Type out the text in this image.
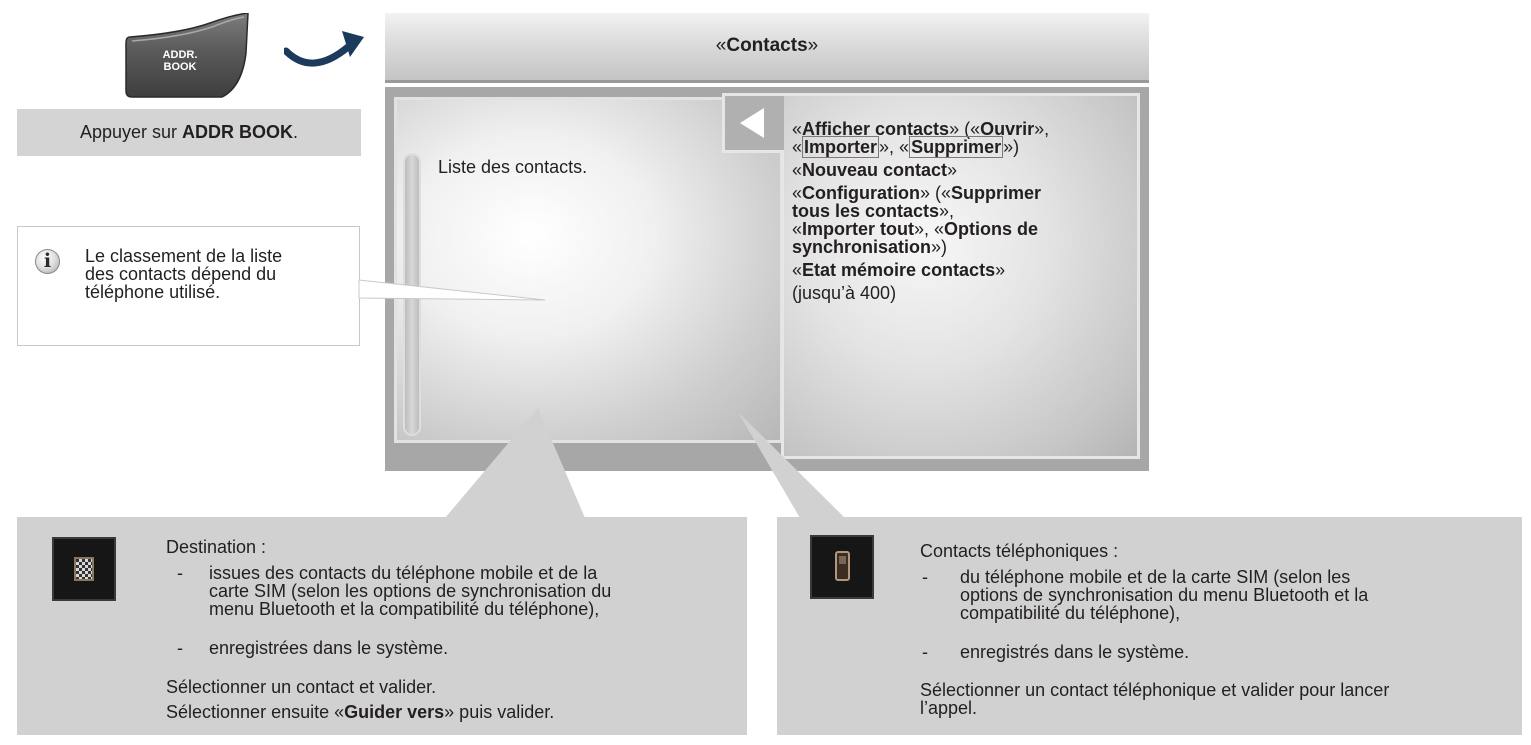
ADDR.
BOOK
Appuyer sur ADDR BOOK.
i	Le classement de la liste
des contacts dépend du
téléphone utilisé.
«Contacts»
Liste des contacts.
«Afficher contacts» («Ouvrir»,
« Importer », « Supprimer »)
«Nouveau contact»
«Configuration» («Supprimer
tous les contacts»,
«Importer tout», «Options de
synchronisation»)
«Etat mémoire contacts»
(jusqu’à 400)
Destination :
- issues des contacts du téléphone mobile et de la
carte SIM (selon les options de synchronisation du
menu Bluetooth et la compatibilité du téléphone),
- enregistrées dans le système.
Sélectionner un contact et valider.
Sélectionner ensuite «Guider vers» puis valider.
Contacts téléphoniques :
- du téléphone mobile et de la carte SIM (selon les
options de synchronisation du menu Bluetooth et la
compatibilité du téléphone),
- enregistrés dans le système.
Sélectionner un contact téléphonique et valider pour lancer
l’appel.
